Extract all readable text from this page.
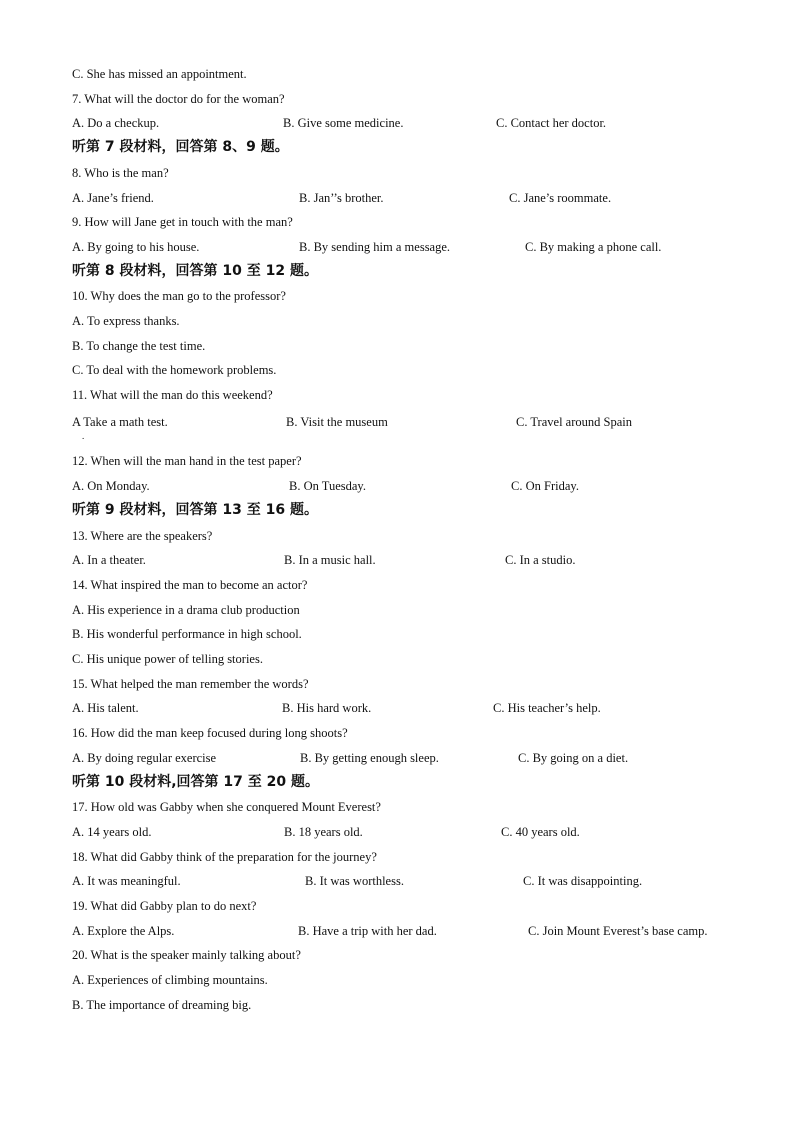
C. She has missed an appointment.
7. What will the doctor do for the woman?
A. Do a checkup.	B. Give some medicine.	C. Contact her doctor.
听第 7 段材料，回答第 8、9 题。
8. Who is the man?
A. Jane’s friend.	B. Jan’’s brother.	C. Jane’s roommate.
9. How will Jane get in touch with the man?
A. By going to his house.	B. By sending him a message.	C. By making a phone call.
听第 8 段材料，回答第 10 至 12 题。
10. Why does the man go to the professor?
A. To express thanks.
B. To change the test time.
C. To deal with the homework problems.
11. What will the man do this weekend?
A Take a math test.	B. Visit the museum	C. Travel around Spain
.
12. When will the man hand in the test paper?
A. On Monday.	B. On Tuesday.	C. On Friday.
听第 9 段材料，回答第 13 至 16 题。
13. Where are the speakers?
A. In a theater.	B. In a music hall.	C. In a studio.
14. What inspired the man to become an actor?
A. His experience in a drama club production
B. His wonderful performance in high school.
C. His unique power of telling stories.
15. What helped the man remember the words?
A. His talent.	B. His hard work.	C. His teacher’s help.
16. How did the man keep focused during long shoots?
A. By doing regular exercise	B. By getting enough sleep.	C. By going on a diet.
听第 10 段材料,回答第 17 至 20 题。
17. How old was Gabby when she conquered Mount Everest?
A. 14 years old.	B. 18 years old.	C. 40 years old.
18. What did Gabby think of the preparation for the journey?
A. It was meaningful.	B. It was worthless.	C. It was disappointing.
19. What did Gabby plan to do next?
A. Explore the Alps.	B. Have a trip with her dad.	C. Join Mount Everest’s base camp.
20. What is the speaker mainly talking about?
A. Experiences of climbing mountains.
B. The importance of dreaming big.
